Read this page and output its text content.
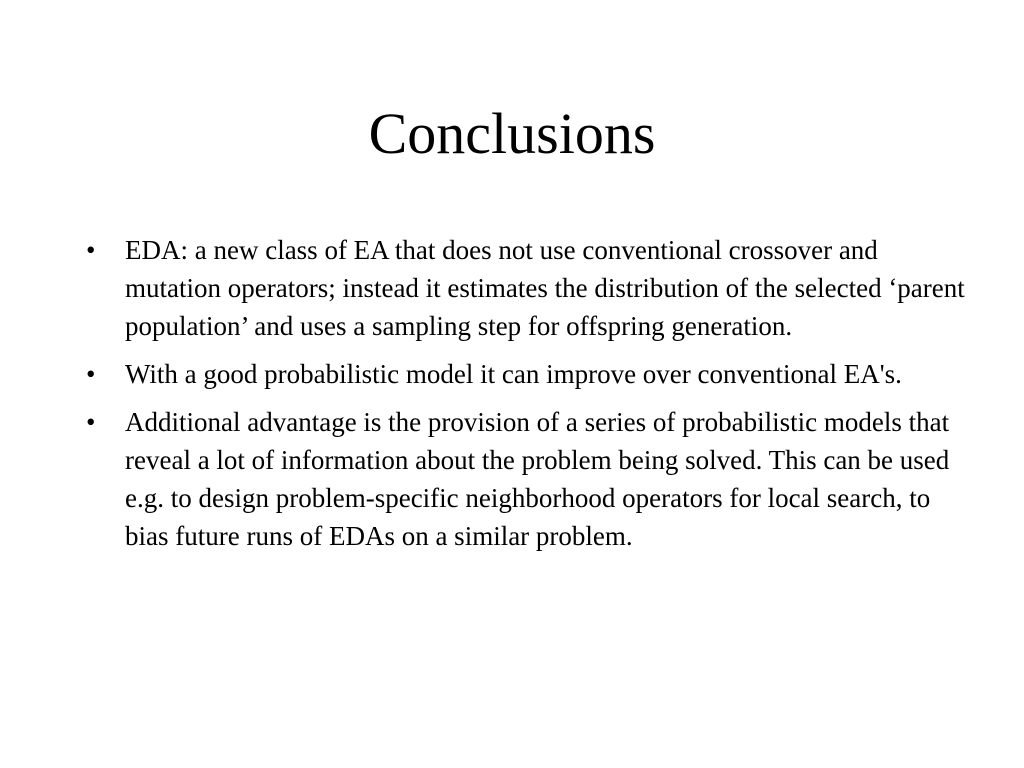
Conclusions
•	EDA: a new class of EA that does not use conventional crossover and mutation operators; instead it estimates the distribution of the selected ‘parent population’ and uses a sampling step for offspring generation.
•	With a good probabilistic model it can improve over conventional EA's.
•	Additional advantage is the provision of a series of probabilistic models that reveal a lot of information about the problem being solved. This can be used e.g. to design problem-specific neighborhood operators for local search, to bias future runs of EDAs on a similar problem.
